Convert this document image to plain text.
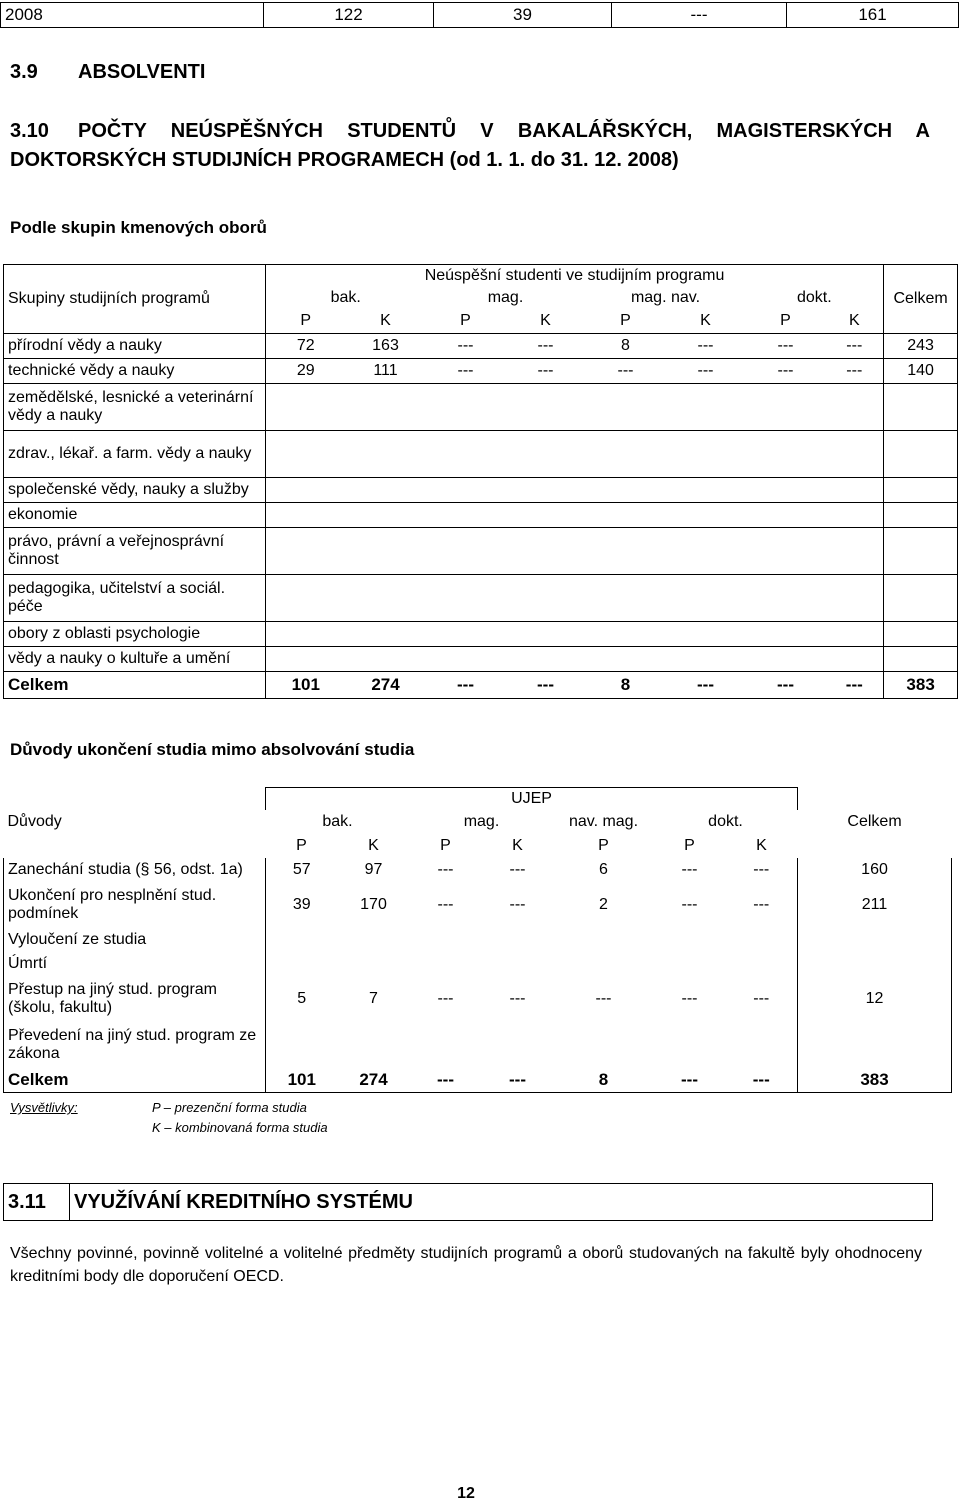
2008	122	39	---	161
3.9 ABSOLVENTI
3.10 POČTY NEÚSPĚŠNÝCH STUDENTŮ V BAKALÁŘSKÝCH, MAGISTERSKÝCH A DOKTORSKÝCH STUDIJNÍCH PROGRAMECH (od 1. 1. do 31. 12. 2008)
Podle skupin kmenových oborů
Skupiny studijních programů	Neúspěšní studenti ve studijním programu								Celkem
	bak.		mag.		mag. nav.		dokt.		
	P	K	P	K	P	K	P	K	
přírodní vědy a nauky	72	163	---	---	8	---	---	---	243
technické vědy a nauky	29	111	---	---	---	---	---	---	140
zemědělské, lesnické a veterinární vědy a nauky									
zdrav., lékař. a farm. vědy a nauky									
společenské vědy, nauky a služby									
ekonomie									
právo, právní a veřejnosprávní činnost									
pedagogika, učitelství a sociál. péče									
obory z oblasti psychologie									
vědy a nauky o kultuře a umění									
Celkem	101	274	---	---	8	---	---	---	383
Důvody ukončení studia mimo absolvování studia
	UJEP							
Důvody	bak.		mag.		nav. mag.	dokt.		Celkem
	P	K	P	K	P	P	K	
Zanechání studia (§ 56, odst. 1a)	57	97	---	---	6	---	---	160
Ukončení pro nesplnění stud. podmínek	39	170	---	---	2	---	---	211
Vyloučení ze studia								
Úmrtí								
Přestup na jiný stud. program (školu, fakultu)	5	7	---	---	---	---	---	12
Převedení na jiný stud. program ze zákona								
Celkem	101	274	---	---	8	---	---	383
Vysvětlivky:	P – prezenční forma studia
K – kombinovaná forma studia
3.11	VYUŽÍVÁNÍ KREDITNÍHO SYSTÉMU
Všechny povinné, povinně volitelné a volitelné předměty studijních programů a oborů studovaných na fakultě byly ohodnoceny kreditními body dle doporučení OECD.
12
